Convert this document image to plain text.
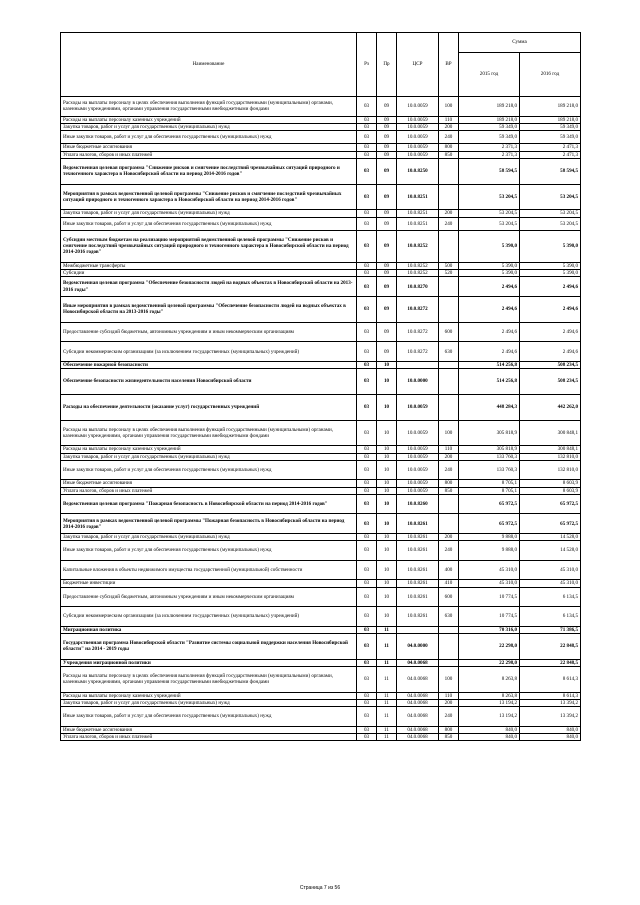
Наименование	Рз	Пр	ЦСР	ВР	Сумма	
					2015 год	2016 год
Расходы на выплаты персоналу в целях обеспечения выполнения функций государственными (муниципальными) органами, казенными учреждениями, органами управления государственными внебюджетными фондами	03	09	10.0.0059	100	189 218,0	189 218,0
Расходы на выплаты персоналу казенных учреждений	03	09	10.0.0059	110	189 218,0	189 218,0
Закупка товаров, работ и услуг для государственных (муниципальных) нужд	03	09	10.0.0059	200	59 349,0	59 349,0
Иные закупки товаров, работ и услуг для обеспечения государственных (муниципальных) нужд	03	09	10.0.0059	240	59 349,0	59 349,0
Иные бюджетные ассигнования	03	09	10.0.0059	800	2 371,3	2 471,3
Уплата налогов, сборов и иных платежей	03	09	10.0.0059	850	2 371,3	2 471,3
Ведомственная целевая программа "Снижение рисков и смягчение последствий чрезвычайных ситуаций природного и техногенного характера в Новосибирской области на период 2014-2016 годов"	03	09	10.0.8250		58 594,5	58 594,5
Мероприятия в рамках ведомственной целевой программы "Снижение рисков и смягчение последствий чрезвычайных ситуаций природного и техногенного характера в Новосибирской области на период 2014-2016 годов"	03	09	10.0.8251		53 204,5	53 204,5
Закупка товаров, работ и услуг для государственных (муниципальных) нужд	03	09	10.0.8251	200	53 204,5	53 204,5
Иные закупки товаров, работ и услуг для обеспечения государственных (муниципальных) нужд	03	09	10.0.8251	240	53 204,5	53 204,5
Субсидии местным бюджетам на реализацию мероприятий ведомственной целевой программы "Снижение рисков и смягчение последствий чрезвычайных ситуаций природного и техногенного характера в Новосибирской области на период 2014-2016 годов"	03	09	10.0.8252		5 390,0	5 390,0
Межбюджетные трансферты	03	09	10.0.8252	500	5 390,0	5 390,0
Субсидии	03	09	10.0.8252	520	5 390,0	5 390,0
Ведомственная целевая программа "Обеспечение безопасности людей на водных объектах в Новосибирской области на 2013-2016 годы"	03	09	10.0.8270		2 494,6	2 494,6
Иные мероприятия в рамках ведомственной целевой программы "Обеспечение безопасности людей на водных объектах в Новосибирской области на 2013-2016 годы"	03	09	10.0.8272		2 494,6	2 494,6
Предоставление субсидий бюджетным, автономным учреждениям и иным некоммерческим организациям	03	09	10.0.8272	600	2 494,6	2 494,6
Субсидии некоммерческим организациям (за исключением государственных (муниципальных) учреждений)	03	09	10.0.8272	630	2 494,6	2 494,6
Обеспечение пожарной безопасности	03	10			514 256,8	508 234,5
Обеспечение безопасности жизнедеятельности населения Новосибирской области	03	10	10.0.0000		514 256,8	508 234,5
Расходы на обеспечение деятельности (оказание услуг) государственных учреждений	03	10	10.0.0059		448 284,3	442 262,0
Расходы на выплаты персоналу в целях обеспечения выполнения функций государственными (муниципальными) органами, казенными учреждениями, органами управления государственными внебюджетными фондами	03	10	10.0.0059	100	305 818,9	300 848,1
Расходы на выплаты персоналу казенных учреждений	03	10	10.0.0059	110	305 818,9	300 848,1
Закупка товаров, работ и услуг для государственных (муниципальных) нужд	03	10	10.0.0059	200	133 760,3	132 810,0
Иные закупки товаров, работ и услуг для обеспечения государственных (муниципальных) нужд	03	10	10.0.0059	240	133 760,3	132 810,0
Иные бюджетные ассигнования	03	10	10.0.0059	800	8 705,1	8 603,9
Уплата налогов, сборов и иных платежей	03	10	10.0.0059	850	8 705,1	8 603,9
Ведомственная целевая программа "Пожарная безопасность в Новосибирской области на период 2014-2016 годов"	03	10	10.0.8260		65 972,5	65 972,5
Мероприятия в рамках ведомственной целевой программы "Пожарная безопасность в Новосибирской области на период 2014-2016 годов"	03	10	10.0.8261		65 972,5	65 972,5
Закупка товаров, работ и услуг для государственных (муниципальных) нужд	03	10	10.0.8261	200	9 888,0	14 528,0
Иные закупки товаров, работ и услуг для обеспечения государственных (муниципальных) нужд	03	10	10.0.8261	240	9 888,0	14 528,0
Капитальные вложения в объекты недвижимого имущества государственной (муниципальной) собственности	03	10	10.0.8261	400	45 310,0	45 310,0
Бюджетные инвестиции	03	10	10.0.8261	410	45 310,0	45 310,0
Предоставление субсидий бюджетным, автономным учреждениям и иным некоммерческим организациям	03	10	10.0.8261	600	10 774,5	6 134,5
Субсидии некоммерческим организациям (за исключением государственных (муниципальных) учреждений)	03	10	10.0.8261	630	10 774,5	6 134,5
Миграционная политика	03	11			70 316,0	71 386,5
Государственная программа Новосибирской области "Развитие системы социальной поддержки населения Новосибирской области" на 2014 - 2019 годы	03	11	04.0.0000		22 298,0	22 848,5
Учреждения миграционной политики	03	11	04.0.0068		22 298,0	22 848,5
Расходы на выплаты персоналу в целях обеспечения выполнения функций государственными (муниципальными) органами, казенными учреждениями, органами управления государственными внебюджетными фондами	03	11	04.0.0068	100	8 263,8	8 614,3
Расходы на выплаты персоналу казенных учреждений	03	11	04.0.0068	110	8 263,8	8 614,3
Закупка товаров, работ и услуг для государственных (муниципальных) нужд	03	11	04.0.0068	200	13 194,2	13 394,2
Иные закупки товаров, работ и услуг для обеспечения государственных (муниципальных) нужд	03	11	04.0.0068	240	13 194,2	13 394,2
Иные бюджетные ассигнования	03	11	04.0.0068	800	840,0	840,0
Уплата налогов, сборов и иных платежей	03	11	04.0.0068	850	840,0	840,0
Страница 7 из 56
